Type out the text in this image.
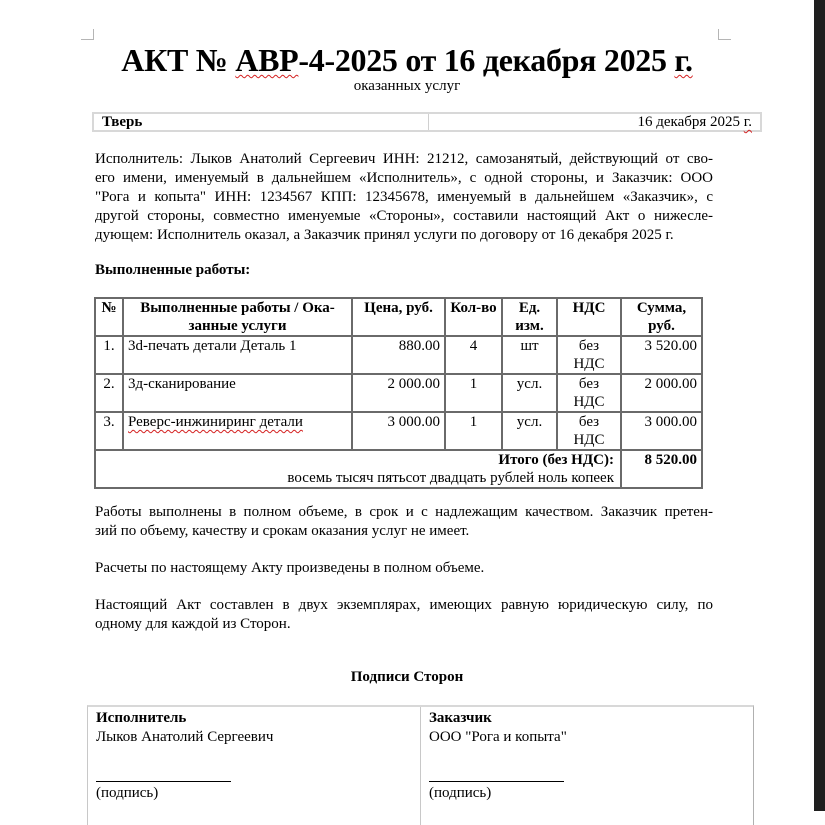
АКТ № АВР-4-2025 от 16 декабря 2025 г.
оказанных услуг
Тверь	16 декабря 2025 г.
Исполнитель: Лыков Анатолий Сергеевич ИНН: 21212, самозанятый, действующий от сво-
его имени, именуемый в дальнейшем «Исполнитель», с одной стороны, и Заказчик: ООО
"Рога и копыта" ИНН: 1234567 КПП: 12345678, именуемый в дальнейшем «Заказчик», с
другой стороны, совместно именуемые «Стороны», составили настоящий Акт о нижесле-
дующем: Исполнитель оказал, а Заказчик принял услуги по договору от 16 декабря 2025 г.
Выполненные работы:
№	Выполненные работы / Ока-занные услуги	Цена, руб.	Кол-во	Ед. изм.	НДС	Сумма, руб.
1.	3d-печать детали Деталь 1	880.00	4	шт	без НДС	3 520.00
2.	3д-сканирование	2 000.00	1	усл.	без НДС	2 000.00
3.	Реверс-инжиниринг детали	3 000.00	1	усл.	без НДС	3 000.00

Итого (без НДС):
восемь тысяч пятьсот двадцать рублей ноль копеек						8 520.00
Работы выполнены в полном объеме, в срок и с надлежащим качеством. Заказчик претен-
зий по объему, качеству и срокам оказания услуг не имеет.
Расчеты по настоящему Акту произведены в полном объеме.
Настоящий Акт составлен в двух экземплярах, имеющих равную юридическую силу, по
одному для каждой из Сторон.
Подписи Сторон
Исполнитель
Лыков Анатолий Сергеевич
(подпись)
Заказчик
ООО "Рога и копыта"
(подпись)
